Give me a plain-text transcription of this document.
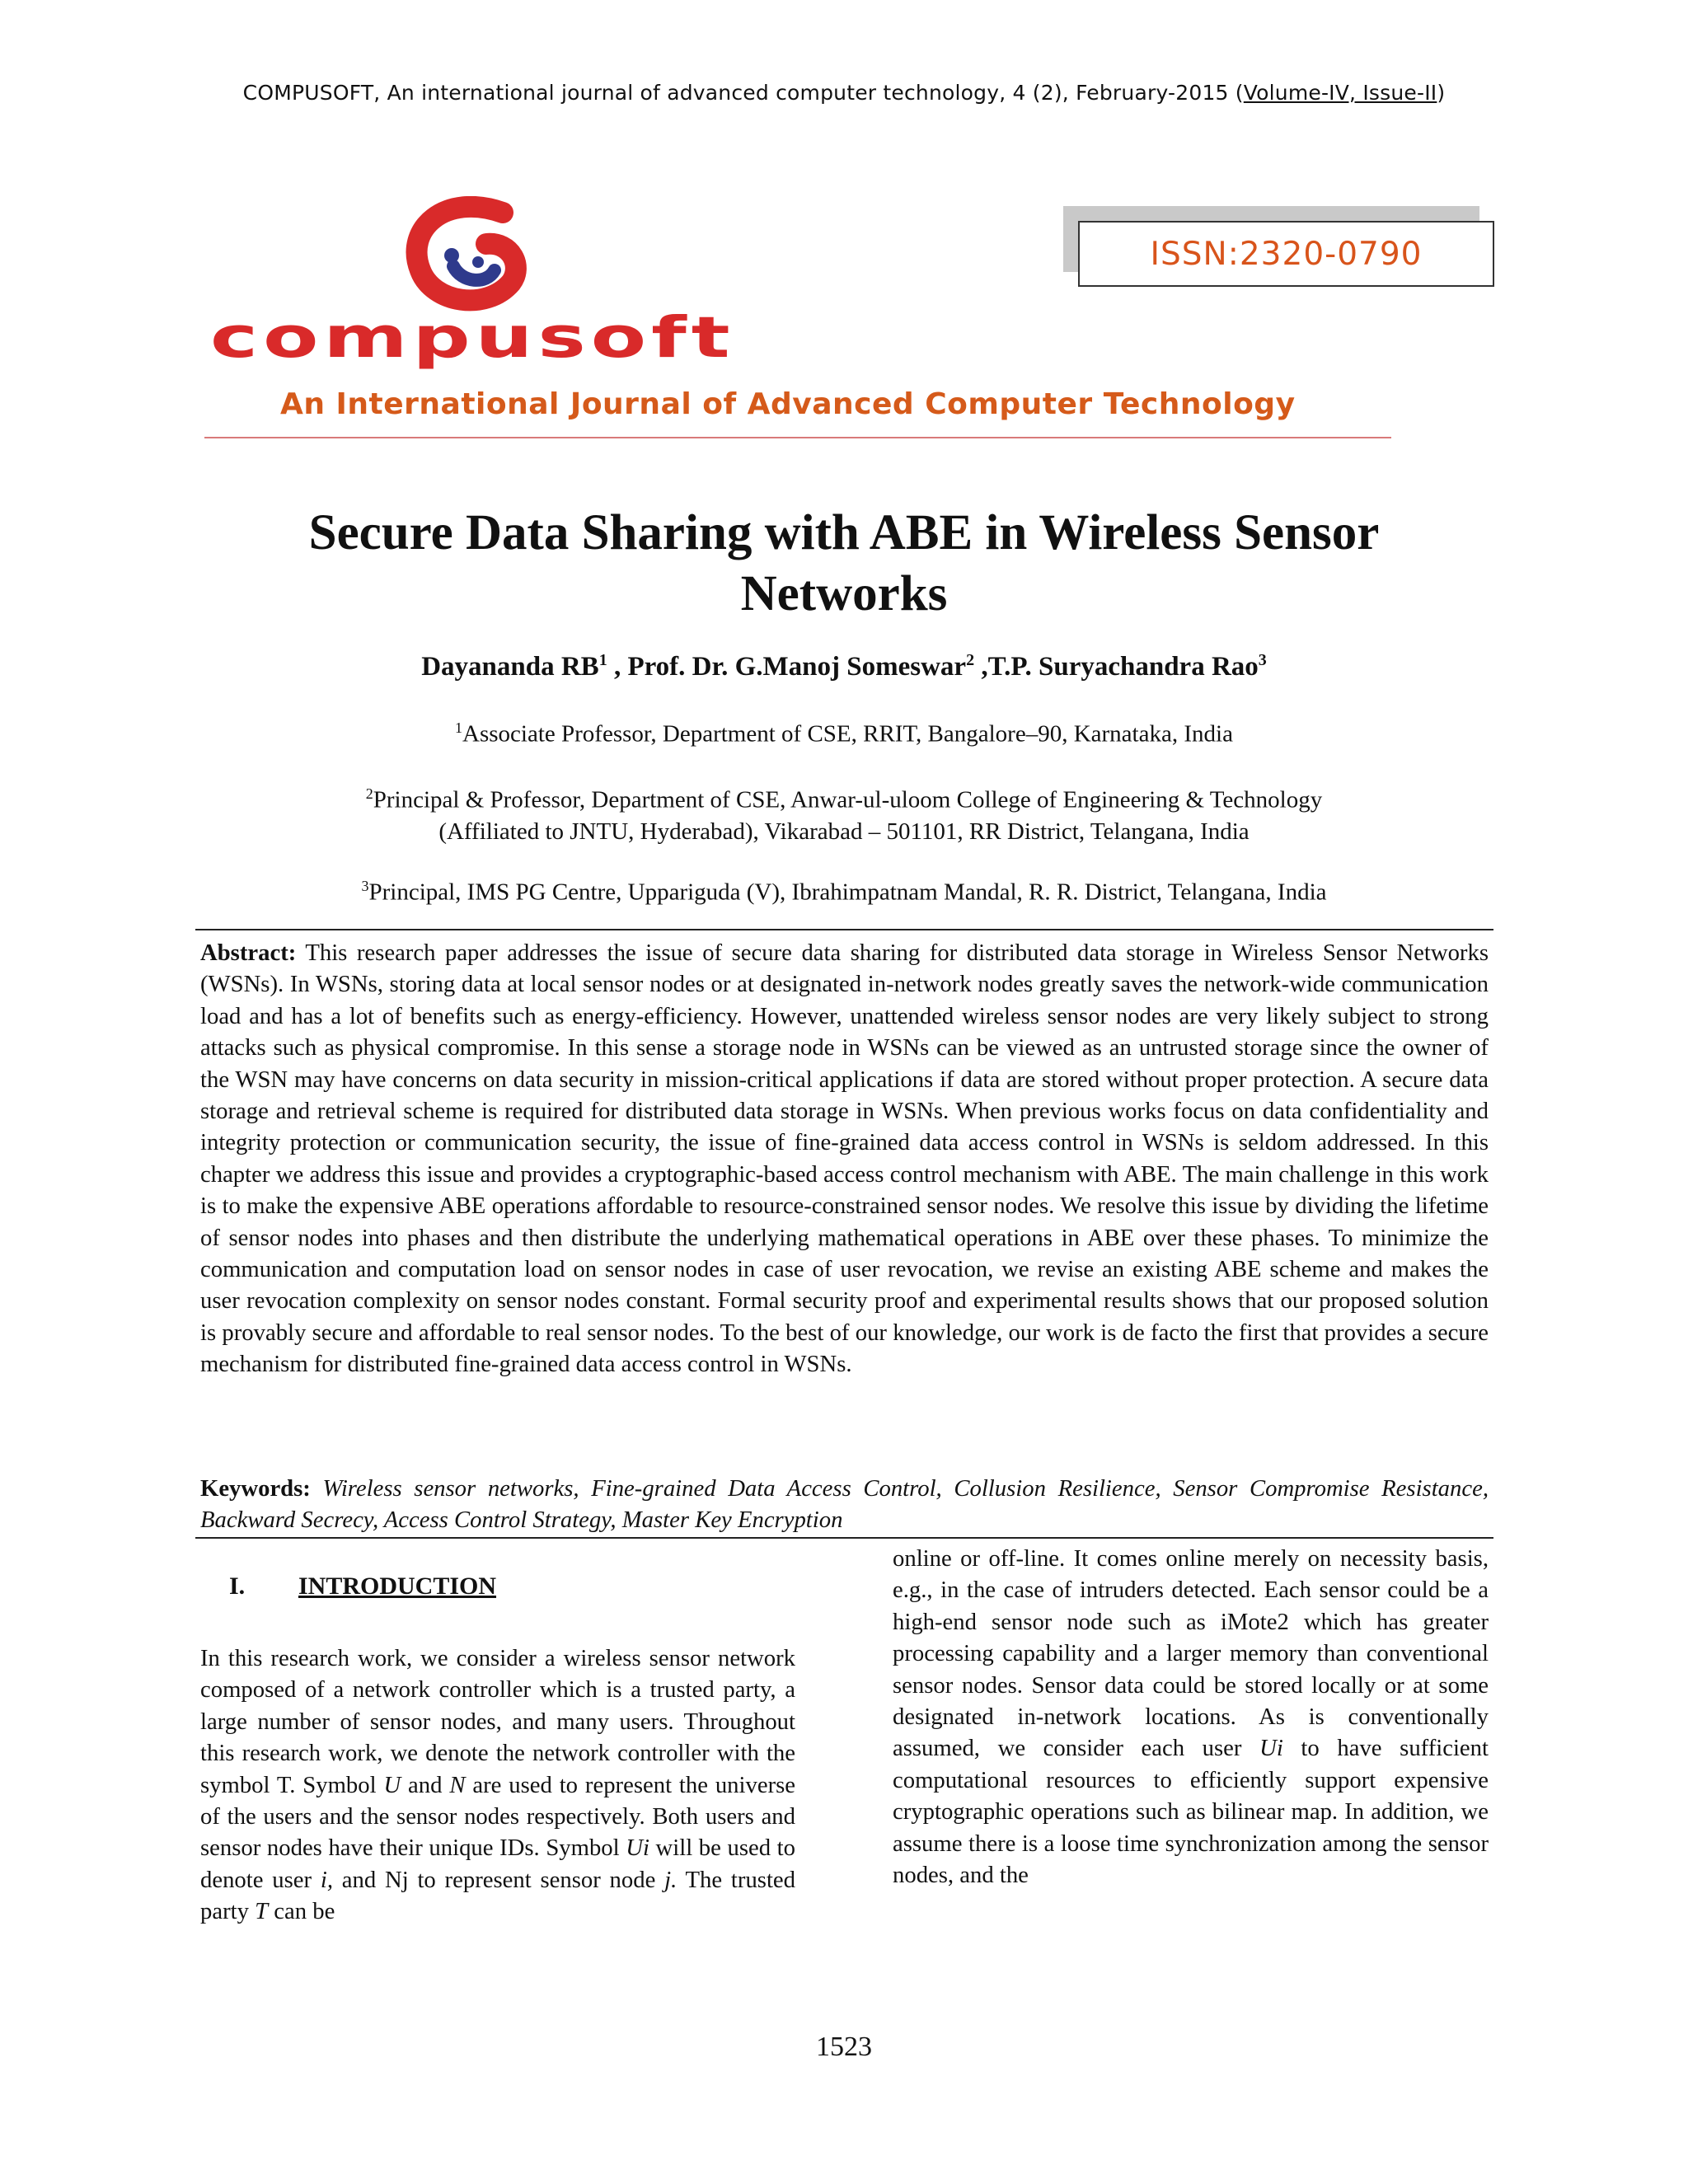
COMPUSOFT, An international journal of advanced computer technology, 4 (2), February-2015 (Volume-IV, Issue-II)
ISSN:2320-0790
compusoft
An International Journal of Advanced Computer Technology
Secure Data Sharing with ABE in Wireless Sensor
Networks
Dayananda $RB^1$ , Prof. Dr. G.Manoj Someswar$^2$ ,T.P. Suryachandra Rao$^3$
$^1$Associate Professor, Department of CSE, RRIT, Bangalore–90, Karnataka, India
$^2$Principal & Professor, Department of CSE, Anwar-ul-uloom College of Engineering & Technology
(Affiliated to JNTU, Hyderabad), Vikarabad – 501101, RR District, Telangana, India
$^3$Principal, IMS PG Centre, Uppariguda (V), Ibrahimpatnam Mandal, R. R. District, Telangana, India
Abstract: This research paper addresses the issue of secure data sharing for distributed data storage in Wireless Sensor Networks (WSNs). In WSNs, storing data at local sensor nodes or at designated in-network nodes greatly saves the network-wide communication load and has a lot of benefits such as energy-efficiency. However, unattended wireless sensor nodes are very likely subject to strong attacks such as physical compromise. In this sense a storage node in WSNs can be viewed as an untrusted storage since the owner of the WSN may have concerns on data security in mission-critical applications if data are stored without proper protection. A secure data storage and retrieval scheme is required for distributed data storage in WSNs. When previous works focus on data confidentiality and integrity protection or communication security, the issue of fine-grained data access control in WSNs is seldom addressed. In this chapter we address this issue and provides a cryptographic-based access control mechanism with ABE. The main challenge in this work is to make the expensive ABE operations affordable to resource-constrained sensor nodes. We resolve this issue by dividing the lifetime of sensor nodes into phases and then distribute the underlying mathematical operations in ABE over these phases. To minimize the communication and computation load on sensor nodes in case of user revocation, we revise an existing ABE scheme and makes the user revocation complexity on sensor nodes constant. Formal security proof and experimental results shows that our proposed solution is provably secure and affordable to real sensor nodes. To the best of our knowledge, our work is de facto the first that provides a secure mechanism for distributed fine-grained data access control in WSNs.
Keywords: Wireless sensor networks, Fine-grained Data Access Control, Collusion Resilience, Sensor Compromise Resistance, Backward Secrecy, Access Control Strategy, Master Key Encryption
I. INTRODUCTION
In this research work, we consider a wireless sensor network composed of a network controller which is a trusted party, a large number of sensor nodes, and many users. Throughout this research work, we denote the network controller with the symbol T. Symbol U and N are used to represent the universe of the users and the sensor nodes respectively. Both users and sensor nodes have their unique IDs. Symbol Ui will be used to denote user i, and Nj to represent sensor node j. The trusted party T can be
online or off-line. It comes online merely on necessity basis, e.g., in the case of intruders detected. Each sensor could be a high-end sensor node such as iMote2 which has greater processing capability and a larger memory than conventional sensor nodes. Sensor data could be stored locally or at some designated in-network locations. As is conventionally assumed, we consider each user Ui to have sufficient computational resources to efficiently support expensive cryptographic operations such as bilinear map. In addition, we assume there is a loose time synchronization among the sensor nodes, and the
1523
